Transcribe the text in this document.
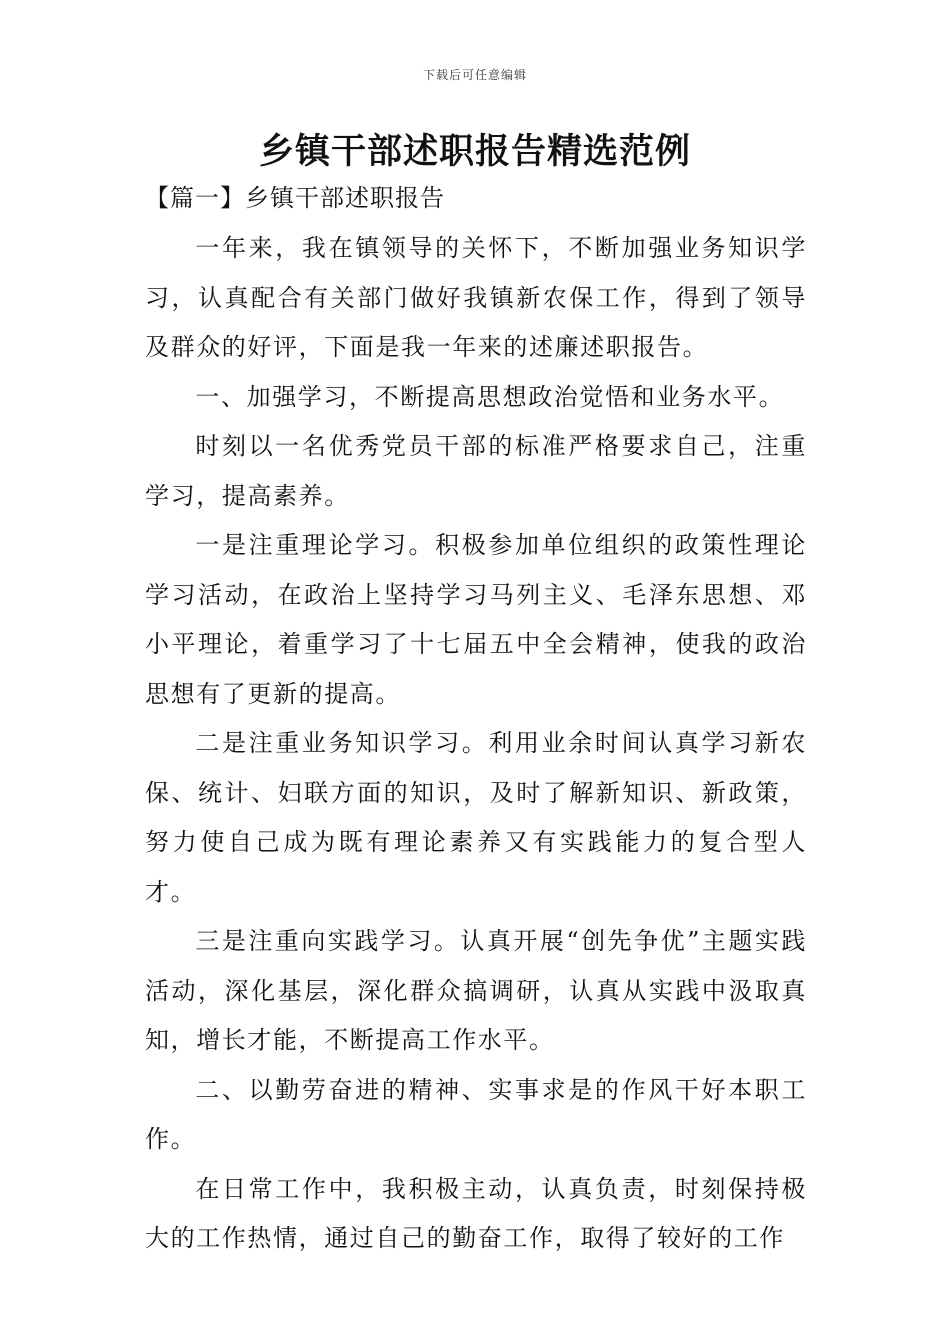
下载后可任意编辑
乡镇干部述职报告精选范例
【篇一】乡镇干部述职报告

一年来，我在镇领导的关怀下，不断加强业务知识学习，认真配合有关部门做好我镇新农保工作，得到了领导及群众的好评，下面是我一年来的述廉述职报告。

一、加强学习，不断提高思想政治觉悟和业务水平。

时刻以一名优秀党员干部的标准严格要求自己，注重学习，提高素养。

一是注重理论学习。积极参加单位组织的政策性理论学习活动，在政治上坚持学习马列主义、毛泽东思想、邓小平理论，着重学习了十七届五中全会精神，使我的政治思想有了更新的提高。

二是注重业务知识学习。利用业余时间认真学习新农保、统计、妇联方面的知识，及时了解新知识、新政策，努力使自己成为既有理论素养又有实践能力的复合型人才。

三是注重向实践学习。认真开展“创先争优”主题实践活动，深化基层，深化群众搞调研，认真从实践中汲取真知，增长才能，不断提高工作水平。

二、以勤劳奋进的精神、实事求是的作风干好本职工作。

在日常工作中，我积极主动，认真负责，时刻保持极大的工作热情，通过自己的勤奋工作，取得了较好的工作
